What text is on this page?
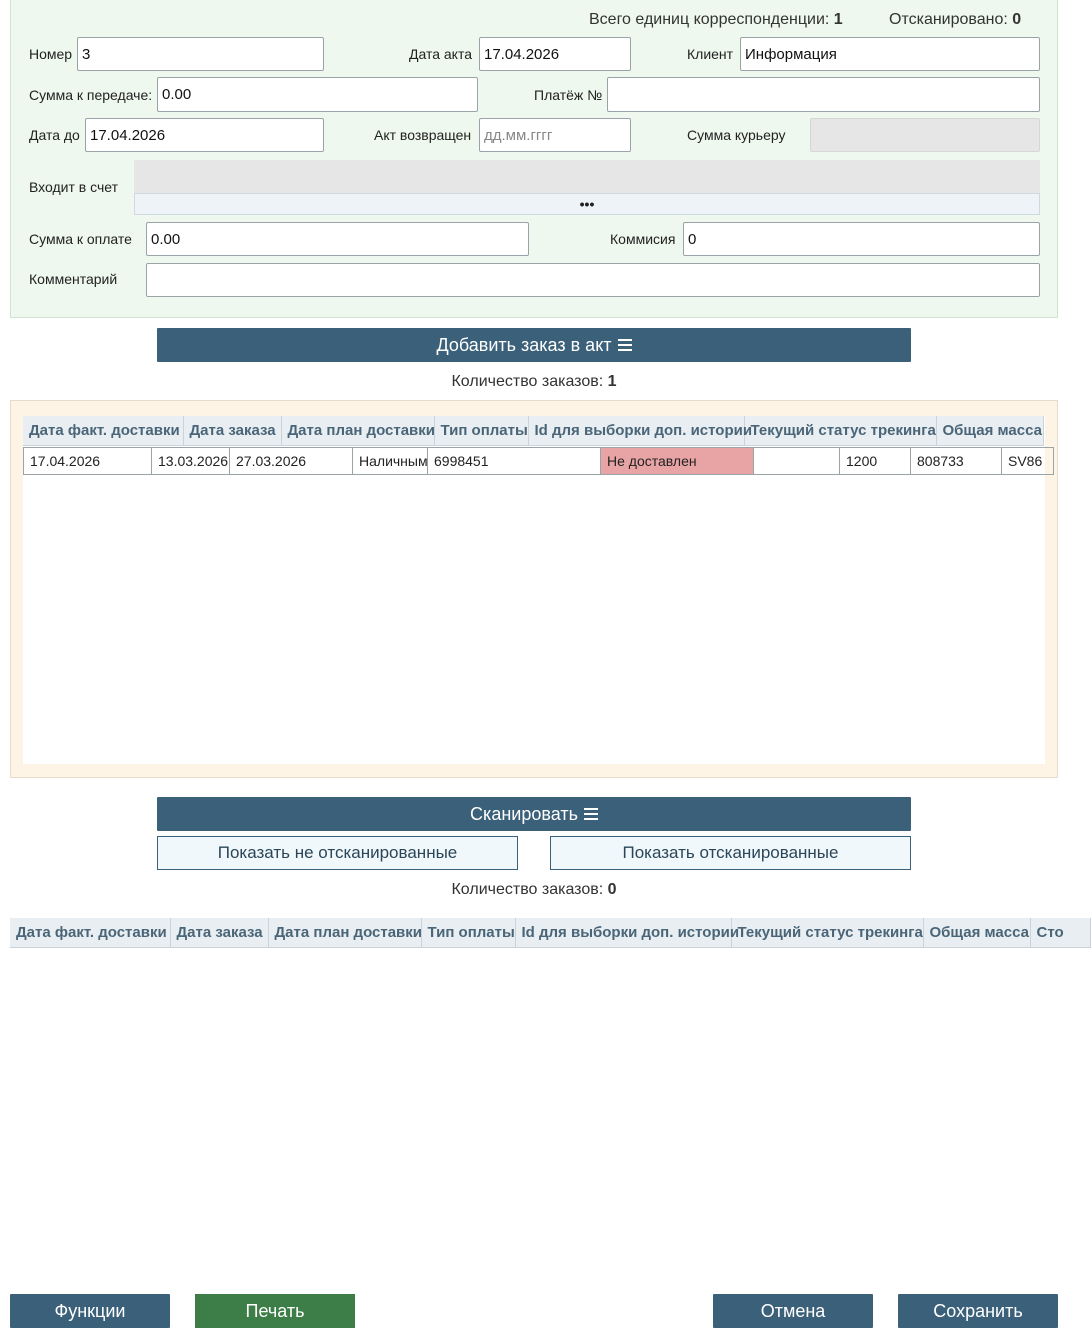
Всего единиц корреспонденции: 1	Отсканировано: 0
Номер 3	Дата акта 17.04.2026	Клиент Информация
Сумма к передаче: 0.00	Платёж №
Дата до 17.04.2026	Акт возвращен дд.мм.гггг	Сумма курьеру
Входит в счет
•••
Сумма к оплате	0.00	Коммисия 0
Комментарий
Добавить заказ в акт
Количество заказов: 1
Дата факт. доставки	Дата заказа	Дата план доставки	Тип оплаты	Id для выборки доп. истории	Текущий статус трекинга	Общая масса
17.04.2026	13.03.2026	27.03.2026	Наличным	6998451	Не доставлен		1200	808733	SV86
Сканировать
Показать не отсканированные	Показать отсканированные
Количество заказов: 0
Дата факт. доставки	Дата заказа	Дата план доставки	Тип оплаты	Id для выборки доп. истории	Текущий статус трекинга	Общая масса	Сто
Функции	Печать	Отмена	Сохранить
